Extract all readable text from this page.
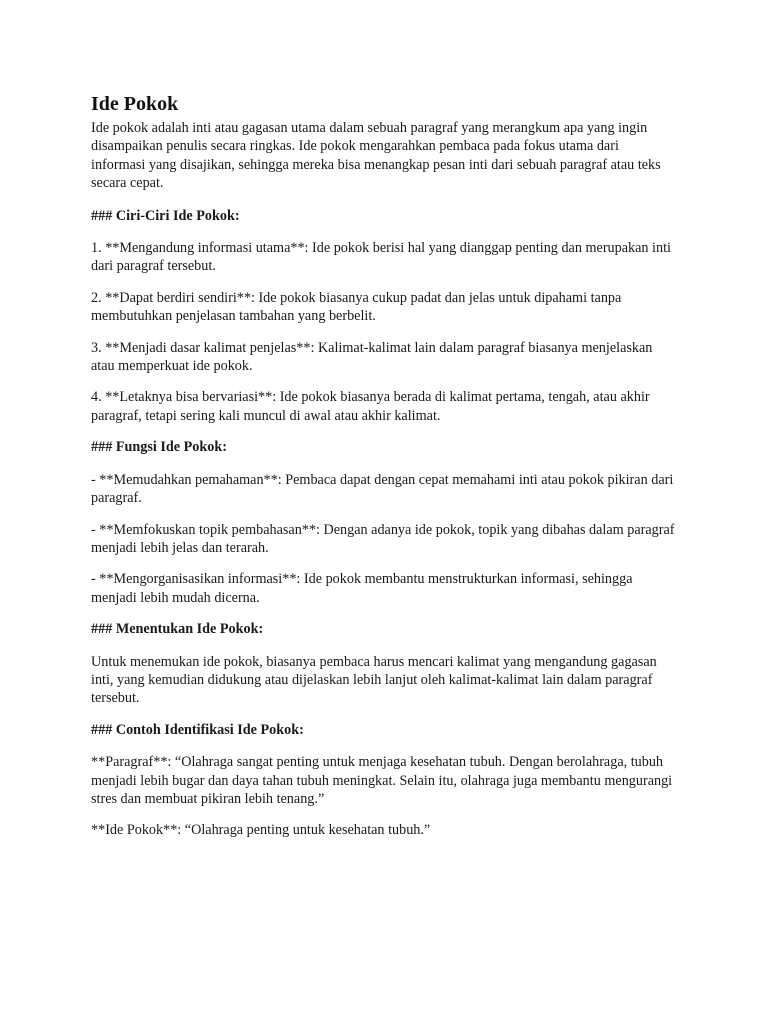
Ide Pokok
Ide pokok adalah inti atau gagasan utama dalam sebuah paragraf yang merangkum apa yang ingin disampaikan penulis secara ringkas. Ide pokok mengarahkan pembaca pada fokus utama dari informasi yang disajikan, sehingga mereka bisa menangkap pesan inti dari sebuah paragraf atau teks secara cepat.
### Ciri-Ciri Ide Pokok:
1. **Mengandung informasi utama**: Ide pokok berisi hal yang dianggap penting dan merupakan inti dari paragraf tersebut.
2. **Dapat berdiri sendiri**: Ide pokok biasanya cukup padat dan jelas untuk dipahami tanpa membutuhkan penjelasan tambahan yang berbelit.
3. **Menjadi dasar kalimat penjelas**: Kalimat-kalimat lain dalam paragraf biasanya menjelaskan atau memperkuat ide pokok.
4. **Letaknya bisa bervariasi**: Ide pokok biasanya berada di kalimat pertama, tengah, atau akhir paragraf, tetapi sering kali muncul di awal atau akhir kalimat.
### Fungsi Ide Pokok:
- **Memudahkan pemahaman**: Pembaca dapat dengan cepat memahami inti atau pokok pikiran dari paragraf.
- **Memfokuskan topik pembahasan**: Dengan adanya ide pokok, topik yang dibahas dalam paragraf menjadi lebih jelas dan terarah.
- **Mengorganisasikan informasi**: Ide pokok membantu menstrukturkan informasi, sehingga menjadi lebih mudah dicerna.
### Menentukan Ide Pokok:
Untuk menemukan ide pokok, biasanya pembaca harus mencari kalimat yang mengandung gagasan inti, yang kemudian didukung atau dijelaskan lebih lanjut oleh kalimat-kalimat lain dalam paragraf tersebut.
### Contoh Identifikasi Ide Pokok:
**Paragraf**: “Olahraga sangat penting untuk menjaga kesehatan tubuh. Dengan berolahraga, tubuh menjadi lebih bugar dan daya tahan tubuh meningkat. Selain itu, olahraga juga membantu mengurangi stres dan membuat pikiran lebih tenang.”
**Ide Pokok**: “Olahraga penting untuk kesehatan tubuh.”
